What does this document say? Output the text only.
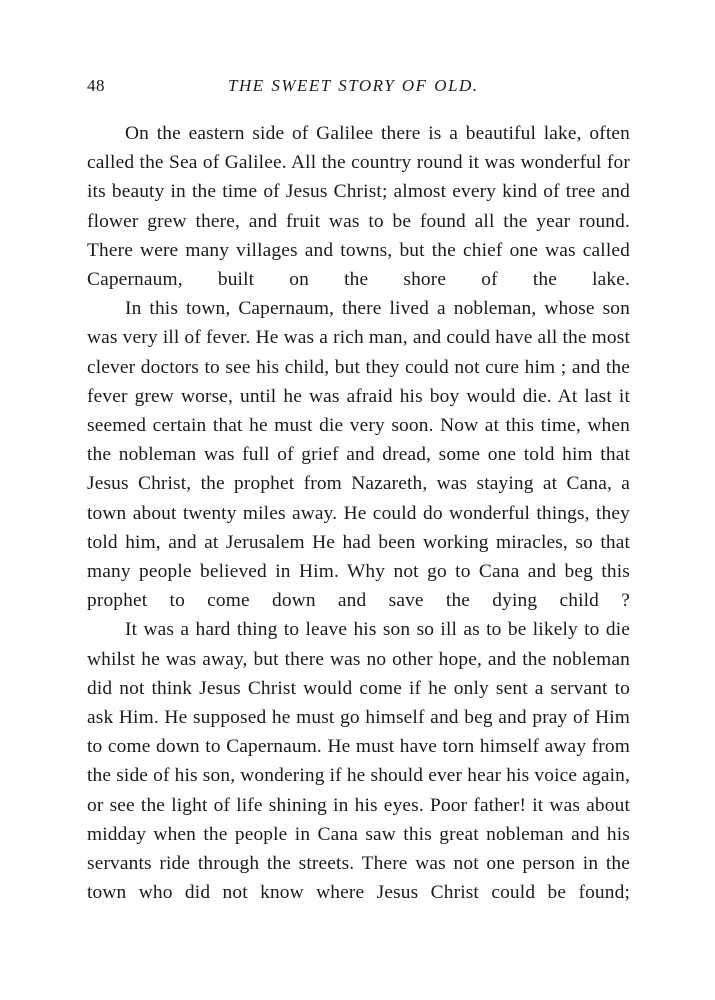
48	THE SWEET STORY OF OLD.

On the eastern side of Galilee there is a beautiful lake, often called the Sea of Galilee. All the country round it was wonderful for its beauty in the time of Jesus Christ; almost every kind of tree and flower grew there, and fruit was to be found all the year round. There were many villages and towns, but the chief one was called Capernaum, built on the shore of the lake.

In this town, Capernaum, there lived a nobleman, whose son was very ill of fever. He was a rich man, and could have all the most clever doctors to see his child, but they could not cure him ; and the fever grew worse, until he was afraid his boy would die. At last it seemed certain that he must die very soon. Now at this time, when the nobleman was full of grief and dread, some one told him that Jesus Christ, the prophet from Nazareth, was staying at Cana, a town about twenty miles away. He could do wonderful things, they told him, and at Jerusalem He had been working miracles, so that many people believed in Him. Why not go to Cana and beg this prophet to come down and save the dying child ?

It was a hard thing to leave his son so ill as to be likely to die whilst he was away, but there was no other hope, and the nobleman did not think Jesus Christ would come if he only sent a servant to ask Him. He supposed he must go himself and beg and pray of Him to come down to Capernaum. He must have torn himself away from the side of his son, wondering if he should ever hear his voice again, or see the light of life shining in his eyes. Poor father! it was about midday when the people in Cana saw this great nobleman and his servants ride through the streets. There was not one person in the town who did not know where Jesus Christ could be found;
